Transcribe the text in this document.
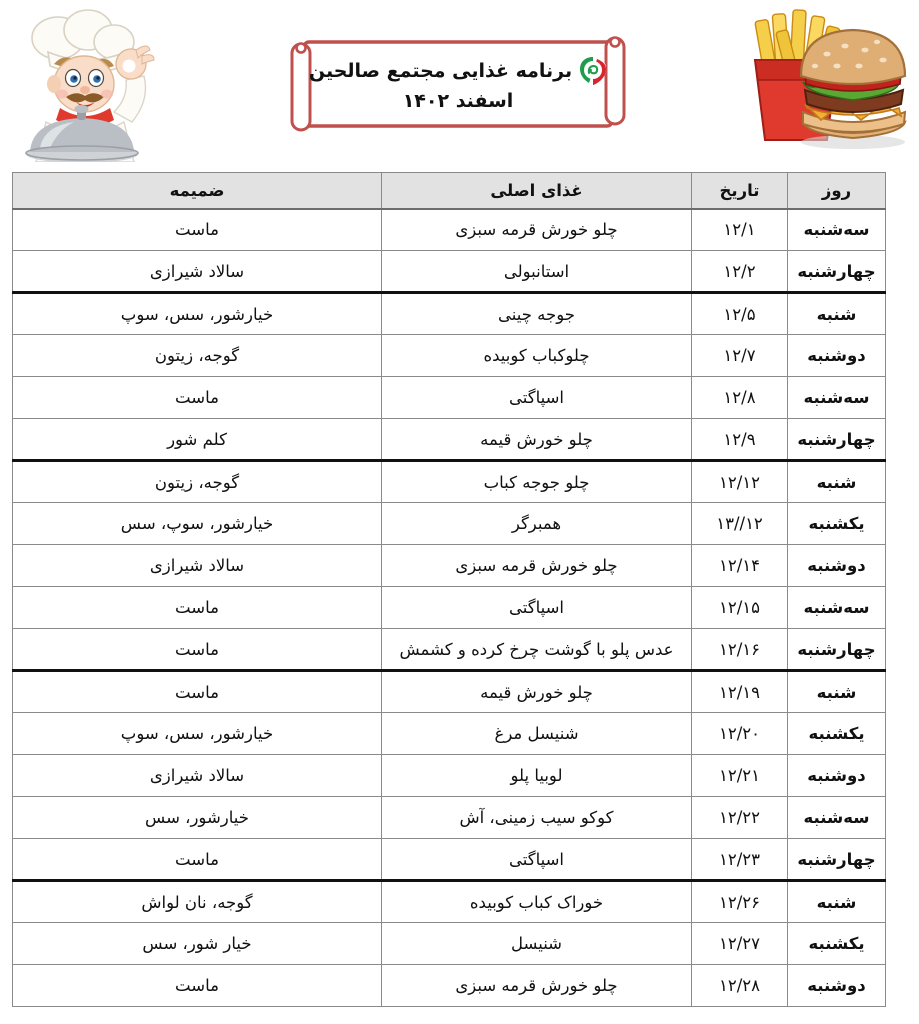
برنامه غذایی مجتمع صالحین
اسفند ۱۴۰۲
روز	تاریخ	غذای اصلی	ضمیمه
سه‌شنبه	۱۲/۱	چلو خورش قرمه سبزی	ماست
چهارشنبه	۱۲/۲	استانبولی	سالاد شیرازی
شنبه	۱۲/۵	جوجه چینی	خیارشور، سس، سوپ
دوشنبه	۱۲/۷	چلوکباب کوبیده	گوجه، زیتون
سه‌شنبه	۱۲/۸	اسپاگتی	ماست
چهارشنبه	۱۲/۹	چلو خورش قیمه	کلم شور
شنبه	۱۲/۱۲	چلو جوجه کباب	گوجه، زیتون
یکشنبه	۱۲//۱۳	همبرگر	خیارشور، سوپ، سس
دوشنبه	۱۲/۱۴	چلو خورش قرمه سبزی	سالاد شیرازی
سه‌شنبه	۱۲/۱۵	اسپاگتی	ماست
چهارشنبه	۱۲/۱۶	عدس پلو با گوشت چرخ کرده و کشمش	ماست
شنبه	۱۲/۱۹	چلو خورش قیمه	ماست
یکشنبه	۱۲/۲۰	شنیسل مرغ	خیارشور، سس، سوپ
دوشنبه	۱۲/۲۱	لوبیا پلو	سالاد شیرازی
سه‌شنبه	۱۲/۲۲	کوکو سیب زمینی، آش	خیارشور، سس
چهارشنبه	۱۲/۲۳	اسپاگتی	ماست
شنبه	۱۲/۲۶	خوراک کباب کوبیده	گوجه، نان لواش
یکشنبه	۱۲/۲۷	شنیسل	خیار شور، سس
دوشنبه	۱۲/۲۸	چلو خورش قرمه سبزی	ماست
